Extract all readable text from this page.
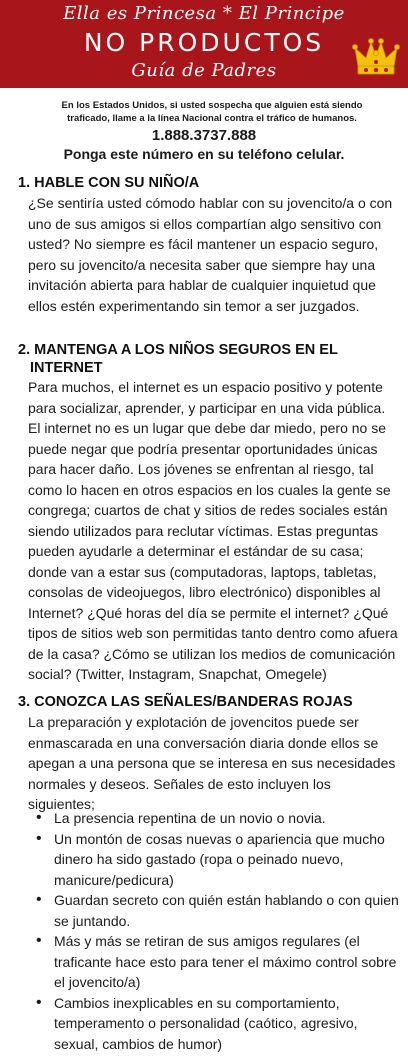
Ella es Princesa * El Principe
NO PRODUCTOS
Guía de Padres
En los Estados Unidos, si usted sospecha que alguien está siendo traficado, llame a la línea Nacional contra el tráfico de humanos.
1.888.3737.888
Ponga este número en su teléfono celular.
1. HABLE CON SU NIÑO/A
¿Se sentiría usted cómodo hablar con su jovencito/a o con uno de sus amigos si ellos compartían algo sensitivo con usted? No siempre es fácil mantener un espacio seguro, pero su jovencito/a necesita saber que siempre hay una invitación abierta para hablar de cualquier inquietud que ellos estén experimentando sin temor a ser juzgados.
2. MANTENGA A LOS NIÑOS SEGUROS EN EL
INTERNET
Para muchos, el internet es un espacio positivo y potente para socializar, aprender, y participar en una vida pública. El internet no es un lugar que debe dar miedo, pero no se puede negar que podría presentar oportunidades únicas para hacer daño. Los jóvenes se enfrentan al riesgo, tal como lo hacen en otros espacios en los cuales la gente se congrega; cuartos de chat y sitios de redes sociales están siendo utilizados para reclutar víctimas. Estas preguntas pueden ayudarle a determinar el estándar de su casa; donde van a estar sus (computadoras, laptops, tabletas, consolas de videojuegos, libro electrónico) disponibles al Internet? ¿Qué horas del día se permite el internet? ¿Qué tipos de sitios web son permitidas tanto dentro como afuera de la casa? ¿Cómo se utilizan los medios de comunicación social? (Twitter, Instagram, Snapchat, Omegele)
3. CONOZCA LAS SEÑALES/BANDERAS ROJAS
La preparación y explotación de jovencitos puede ser enmascarada en una conversación diaria donde ellos se apegan a una persona que se interesa en sus necesidades normales y deseos. Señales de esto incluyen los siguientes;
• La presencia repentina de un novio o novia.
• Un montón de cosas nuevas o apariencia que mucho dinero ha sido gastado (ropa o peinado nuevo, manicure/pedicura)
• Guardan secreto con quién están hablando o con quien se juntando.
• Más y más se retiran de sus amigos regulares (el traficante hace esto para tener el máximo control sobre el jovencito/a)
• Cambios inexplicables en su comportamiento, temperamento o personalidad (caótico, agresivo, sexual, cambios de humor)
